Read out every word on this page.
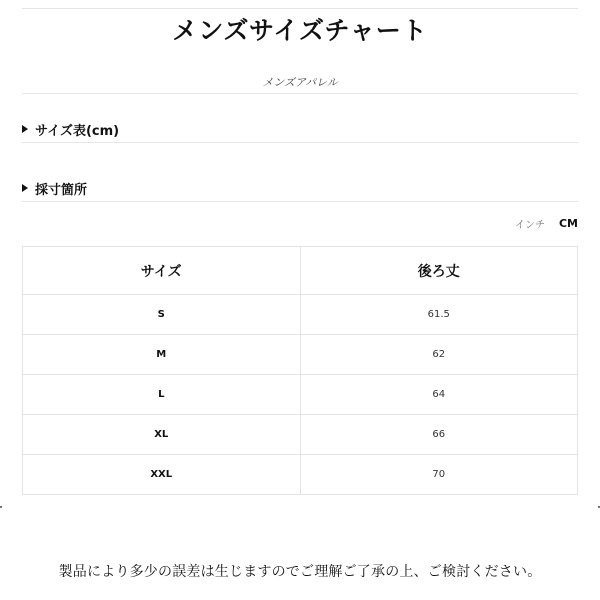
メンズサイズチャート
メンズアパレル
サイズ表(cm)
採寸箇所
インチ CM
サイズ	後ろ丈
S	61.5
M	62
L	64
XL	66
XXL	70
製品により多少の誤差は生じますのでご理解ご了承の上、ご検討ください。
